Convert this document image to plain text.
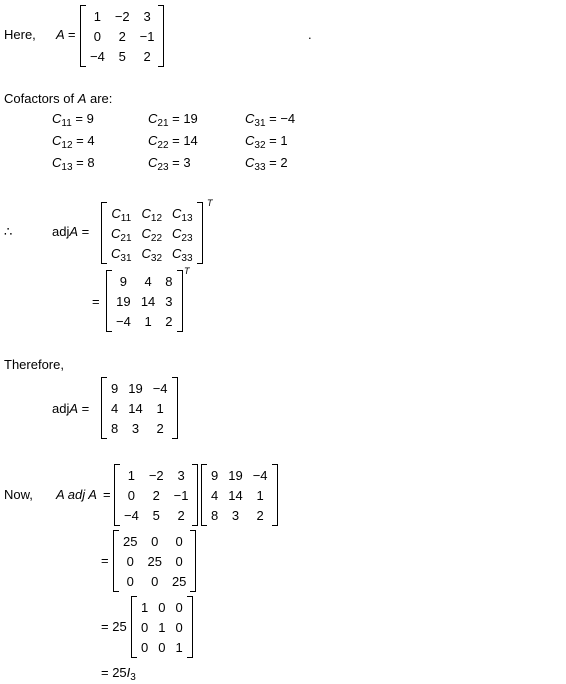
Here, A =
1	−2	3
0	2	−1
−4	5	2
.
Cofactors of A are:
$C_{11} = 9$	$C_{21} = 19$	$C_{31} = -4$
$C_{12} = 4$	$C_{22} = 14$	$C_{32} = 1$
$C_{13} = 8$	$C_{23} = 3$	$C_{33} = 2$
∴	adjA =
$C_{11}$	$C_{12}$	$C_{13}$
$C_{21}$	$C_{22}$	$C_{23}$
$C_{31}$	$C_{32}$	$C_{33}$
T
=
9	4	8
19	14	3
−4	1	2
T
Therefore,
adjA =
9	19	−4
4	14	1
8	3	2
Now, A adj A =
1	−2	3
0	2	−1
−4	5	2
9	19	−4
4	14	1
8	3	2
=
25	0	0
0	25	0
0	0	25
= 25
1	0	0
0	1	0
0	0	1
= $25I_3$
